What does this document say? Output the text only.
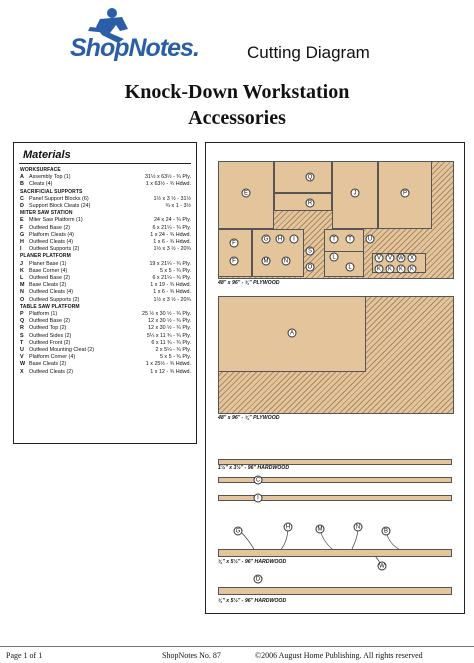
ShopNotes.	Cutting Diagram
Knock-Down Workstation
Accessories
Materials
WORKSURFACE
A Assembly Top (1)	31½ x 63½ - ¾ Ply.
B Cleats (4)	1 x 63½ - ¾ Hdwd.
SACRIFICIAL SUPPORTS
C Panel Support Blocks (6)	1½ x 3 ½ - 31½
D Support Block Cleats (24)	¾ x 1 - 3½
MITER SAW STATION
E Miter Saw Platform (1)	24 x 24 - ¾ Ply.
F	Outfeed Base (2)	6 x 21¼ - ¾ Ply.
G Platform Cleats (4)	1 x 24 - ¾ Hdwd.
H Outfeed Cleats (4)	1 x 6 - ¾ Hdwd.
I	Outfeed Supports (2)	1½ x 3 ½ - 20¾
PLANER PLATFORM
J	Planer Base (1)	19 x 21¼ - ¾ Ply.
K Base Corner (4)	5 x 5 - ¾ Ply.
L	Outfeed Base (2)	6 x 21¼ - ¾ Ply.
M Base Cleats (2)	1 x 19 - ¾ Hdwd.
N Outfeed Cleats (4)	1 x 6 - ¾ Hdwd.
O Outfeed Supports (2)	1½ x 3 ½ - 20¾
TABLE SAW PLATFORM
P Platform (1)	25 ½ x 30 ½ - ¾ Ply.
Q Outfeed Base (2)	12 x 30 ½ - ¾ Ply.
R Outfeed Top (2)	12 x 30 ½ - ¾ Ply.
S Outfeed Sides (2)	5¼ x 11 ¾ - ¾ Ply.
T	Outfeed Front (2)	6 x 11 ¾ - ¾ Ply.
U Outfeed Mounting Cleat (2)	2 x 5¼ - ¾ Ply.
V Platform Corner (4)	5 x 5 - ¾ Ply.
W Base Cleats (2)	1 x 25½ - ¾ Hdwd.
X Outfeed Cleats (2)	1 x 12 - ¾ Hdwd.
E
Q
R
J	P
F
F
G	H	I	T	T	U
L
L
M	N
S
O
V	V	W	X
K	K	K	K
48" x 96" - ¾" PLYWOOD
A
48" x 96" - ¾" PLYWOOD
1½" x 3½" - 96" HARDWOOD
C
I
G
H	M	N
B
¾" x 5½" - 96" HARDWOOD
W
D
¾" x 5½" - 96" HARDWOOD
Page 1 of 1	ShopNotes No. 87	©2006 August Home Publishing. All rights reserved
